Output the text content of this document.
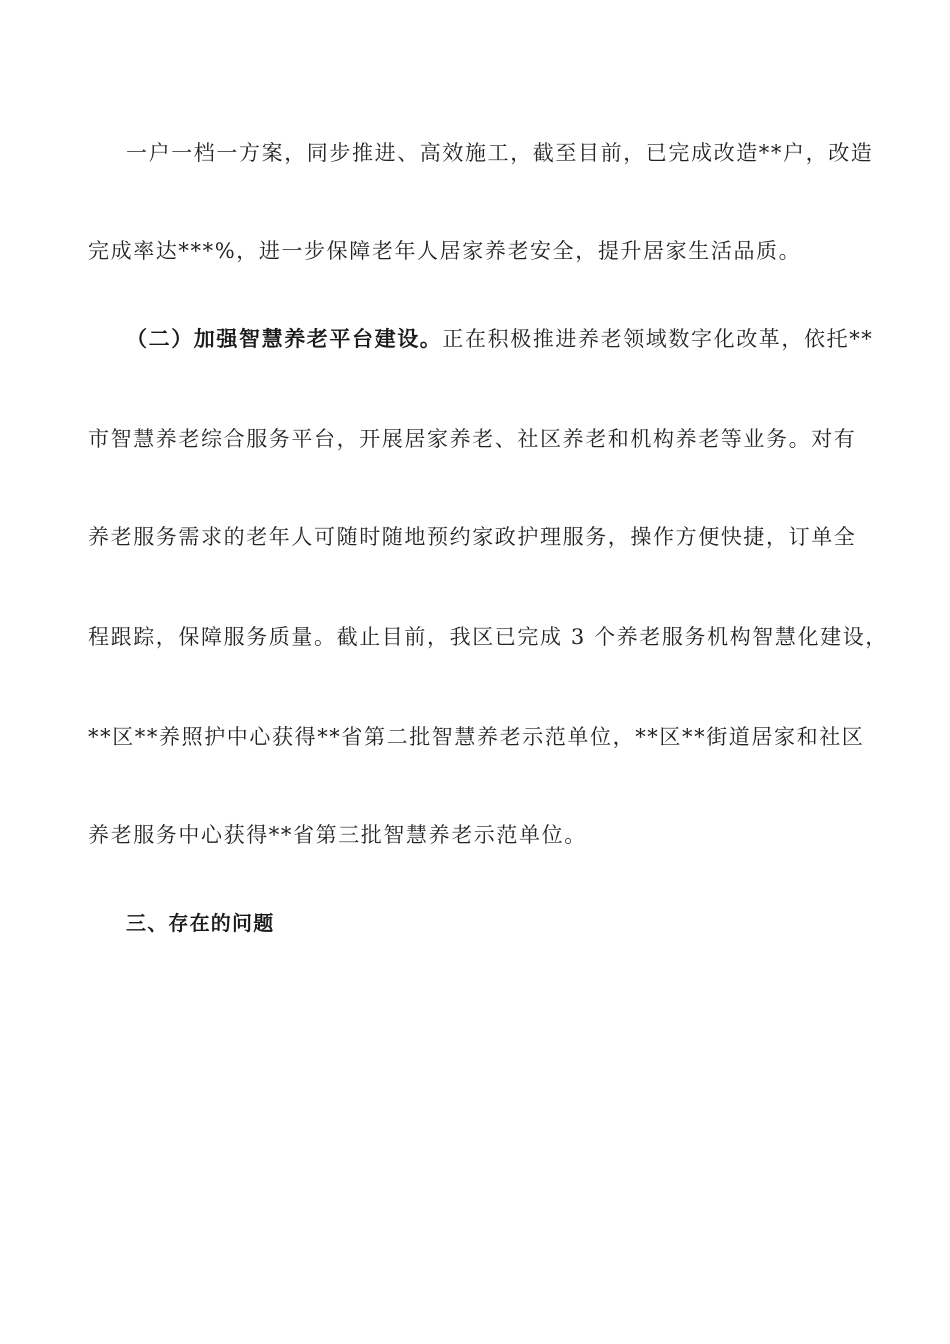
一户一档一方案，同步推进、高效施工，截至目前，已完成改造**户，改造
完成率达***%，进一步保障老年人居家养老安全，提升居家生活品质。
（二）加强智慧养老平台建设。正在积极推进养老领域数字化改革，依托**
市智慧养老综合服务平台，开展居家养老、社区养老和机构养老等业务。对有
养老服务需求的老年人可随时随地预约家政护理服务，操作方便快捷，订单全
程跟踪，保障服务质量。截止目前，我区已完成 3 个养老服务机构智慧化建设，
**区**养照护中心获得**省第二批智慧养老示范单位，**区**街道居家和社区
养老服务中心获得**省第三批智慧养老示范单位。
三、存在的问题
